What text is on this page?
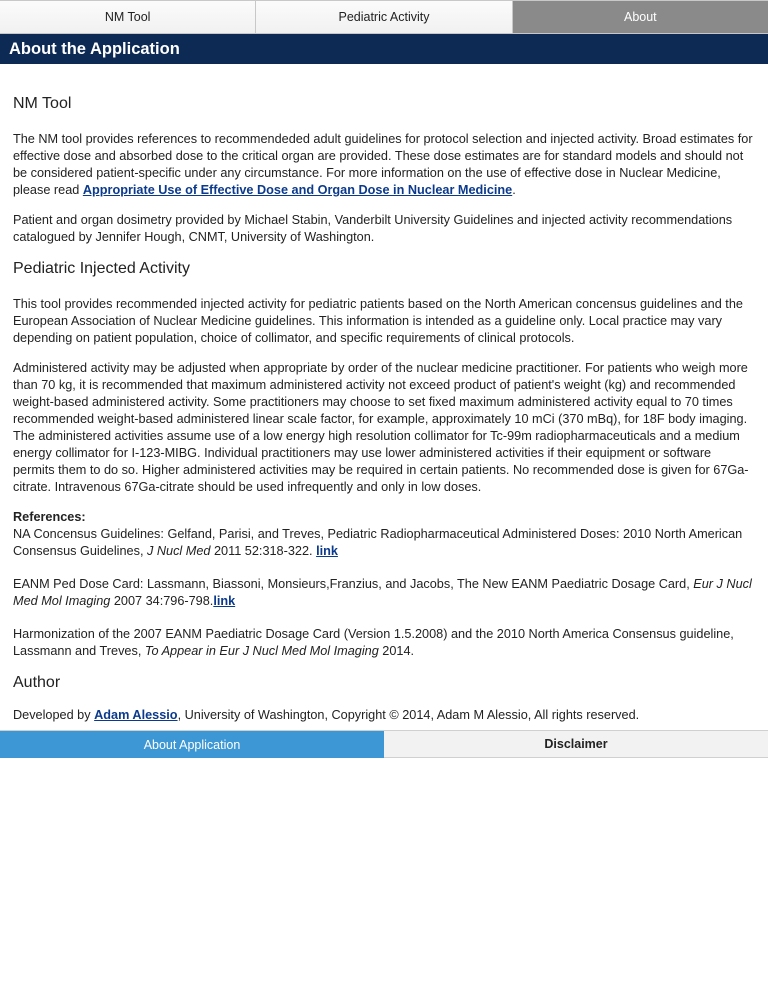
NM Tool	Pediatric Activity	About
About the Application
NM Tool

The NM tool provides references to recommendeded adult guidelines for protocol selection and injected activity. Broad estimates for effective dose and absorbed dose to the critical organ are provided. These dose estimates are for standard models and should not be considered patient-specific under any circumstance. For more information on the use of effective dose in Nuclear Medicine, please read Appropriate Use of Effective Dose and Organ Dose in Nuclear Medicine.

Patient and organ dosimetry provided by Michael Stabin, Vanderbilt University Guidelines and injected activity recommendations catalogued by Jennifer Hough, CNMT, University of Washington.

Pediatric Injected Activity

This tool provides recommended injected activity for pediatric patients based on the North American concensus guidelines and the European Association of Nuclear Medicine guidelines. This information is intended as a guideline only. Local practice may vary depending on patient population, choice of collimator, and specific requirements of clinical protocols.

Administered activity may be adjusted when appropriate by order of the nuclear medicine practitioner. For patients who weigh more than 70 kg, it is recommended that maximum administered activity not exceed product of patient's weight (kg) and recommended weight-based administered activity. Some practitioners may choose to set fixed maximum administered activity equal to 70 times recommended weight-based administered linear scale factor, for example, approximately 10 mCi (370 mBq), for 18F body imaging. The administered activities assume use of a low energy high resolution collimator for Tc-99m radiopharmaceuticals and a medium energy collimator for I-123-MIBG. Individual practitioners may use lower administered activities if their equipment or software permits them to do so. Higher administered activities may be required in certain patients. No recommended dose is given for 67Ga-citrate. Intravenous 67Ga-citrate should be used infrequently and only in low doses.

References:
NA Concensus Guidelines: Gelfand, Parisi, and Treves, Pediatric Radiopharmaceutical Administered Doses: 2010 North American Consensus Guidelines, J Nucl Med 2011 52:318-322. link

EANM Ped Dose Card: Lassmann, Biassoni, Monsieurs,Franzius, and Jacobs, The New EANM Paediatric Dosage Card, Eur J Nucl Med Mol Imaging 2007 34:796-798.link

Harmonization of the 2007 EANM Paediatric Dosage Card (Version 1.5.2008) and the 2010 North America Consensus guideline, Lassmann and Treves, To Appear in Eur J Nucl Med Mol Imaging 2014.

Author

Developed by Adam Alessio, University of Washington, Copyright © 2014, Adam M Alessio, All rights reserved.

About Application	Disclaimer
